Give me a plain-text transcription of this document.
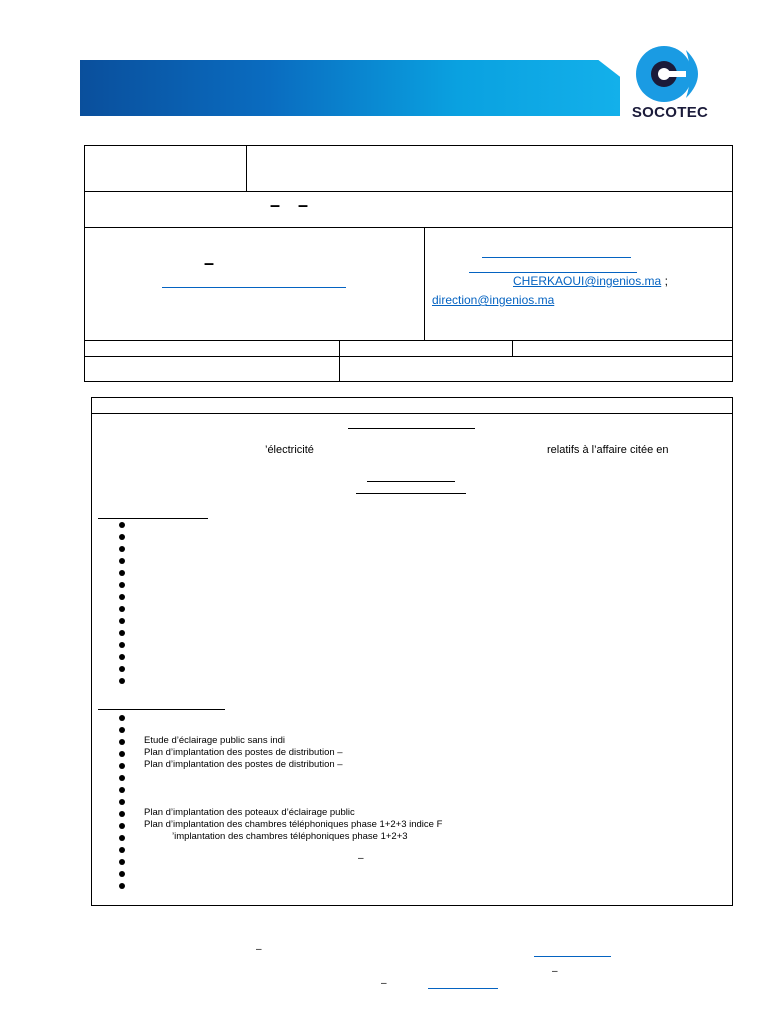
SOCOTEC
– –
–
CHERKAOUI@ingenios.ma ;
direction@ingenios.ma
’électricité	relatifs à l’affaire citée en
Etude d’éclairage public sans indi
Plan d’implantation des postes de distribution –
Plan d’implantation des postes de distribution –
Plan d’implantation des poteaux d’éclairage public
Plan d’implantation des chambres téléphoniques phase 1+2+3 indice F
’implantation des chambres téléphoniques phase 1+2+3
–
–
–
–
